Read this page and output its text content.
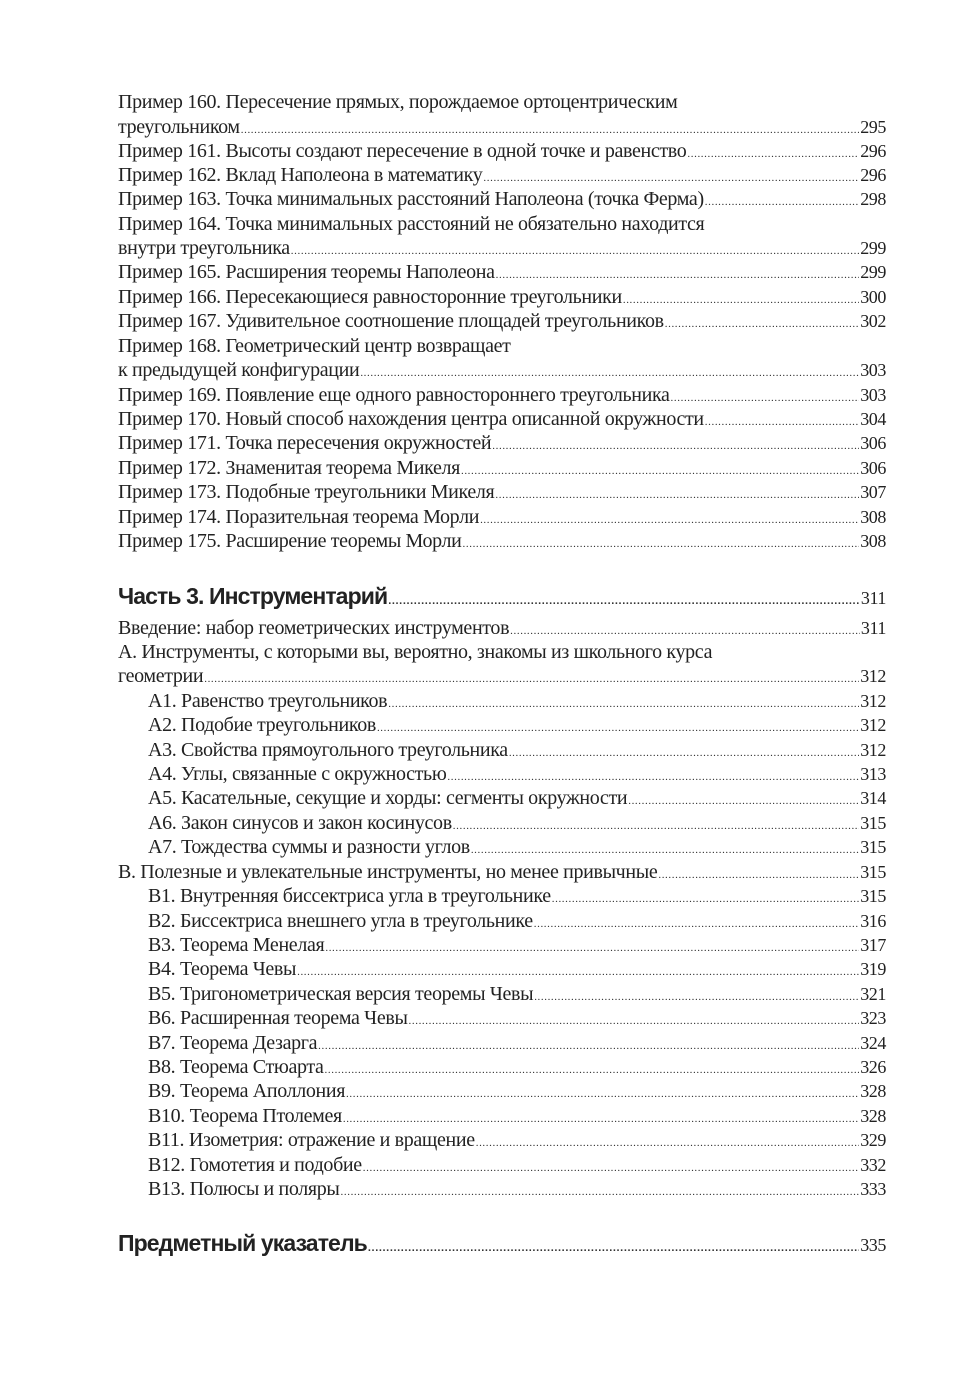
Пример 160. Пересечение прямых, порождаемое ортоцентрическим
треугольником .....	295
Пример 161. Высоты создают пересечение в одной точке и равенство .....	296
Пример 162. Вклад Наполеона в математику .....	296
Пример 163. Точка минимальных расстояний Наполеона (точка Ферма) .....	298
Пример 164. Точка минимальных расстояний не обязательно находится
внутри треугольника .....	299
Пример 165. Расширения теоремы Наполеона .....	299
Пример 166. Пересекающиеся равносторонние треугольники .....	300
Пример 167. Удивительное соотношение площадей треугольников .....	302
Пример 168. Геометрический центр возвращает
к предыдущей конфигурации .....	303
Пример 169. Появление еще одного равностороннего треугольника .....	303
Пример 170. Новый способ нахождения центра описанной окружности .....	304
Пример 171. Точка пересечения окружностей .....	306
Пример 172. Знаменитая теорема Микеля .....	306
Пример 173. Подобные треугольники Микеля .....	307
Пример 174. Поразительная теорема Морли .....	308
Пример 175. Расширение теоремы Морли .....	308
Часть 3. Инструментарий .....	311
Введение: набор геометрических инструментов .....	311
A. Инструменты, с которыми вы, вероятно, знакомы из школьного курса
геометрии .....	312
A1. Равенство треугольников .....	312
A2. Подобие треугольников .....	312
A3. Свойства прямоугольного треугольника .....	312
A4. Углы, связанные с окружностью .....	313
A5. Касательные, секущие и хорды: сегменты окружности .....	314
A6. Закон синусов и закон косинусов .....	315
A7. Тождества суммы и разности углов .....	315
B. Полезные и увлекательные инструменты, но менее привычные .....	315
B1. Внутренняя биссектриса угла в треугольнике .....	315
B2. Биссектриса внешнего угла в треугольнике .....	316
B3. Теорема Менелая .....	317
B4. Теорема Чевы .....	319
B5. Тригонометрическая версия теоремы Чевы .....	321
B6. Расширенная теорема Чевы .....	323
B7. Теорема Дезарга .....	324
B8. Теорема Стюарта .....	326
B9. Теорема Аполлония .....	328
B10. Теорема Птолемея .....	328
B11. Изометрия: отражение и вращение .....	329
B12. Гомотетия и подобие .....	332
B13. Полюсы и поляры .....	333
Предметный указатель .....	335
